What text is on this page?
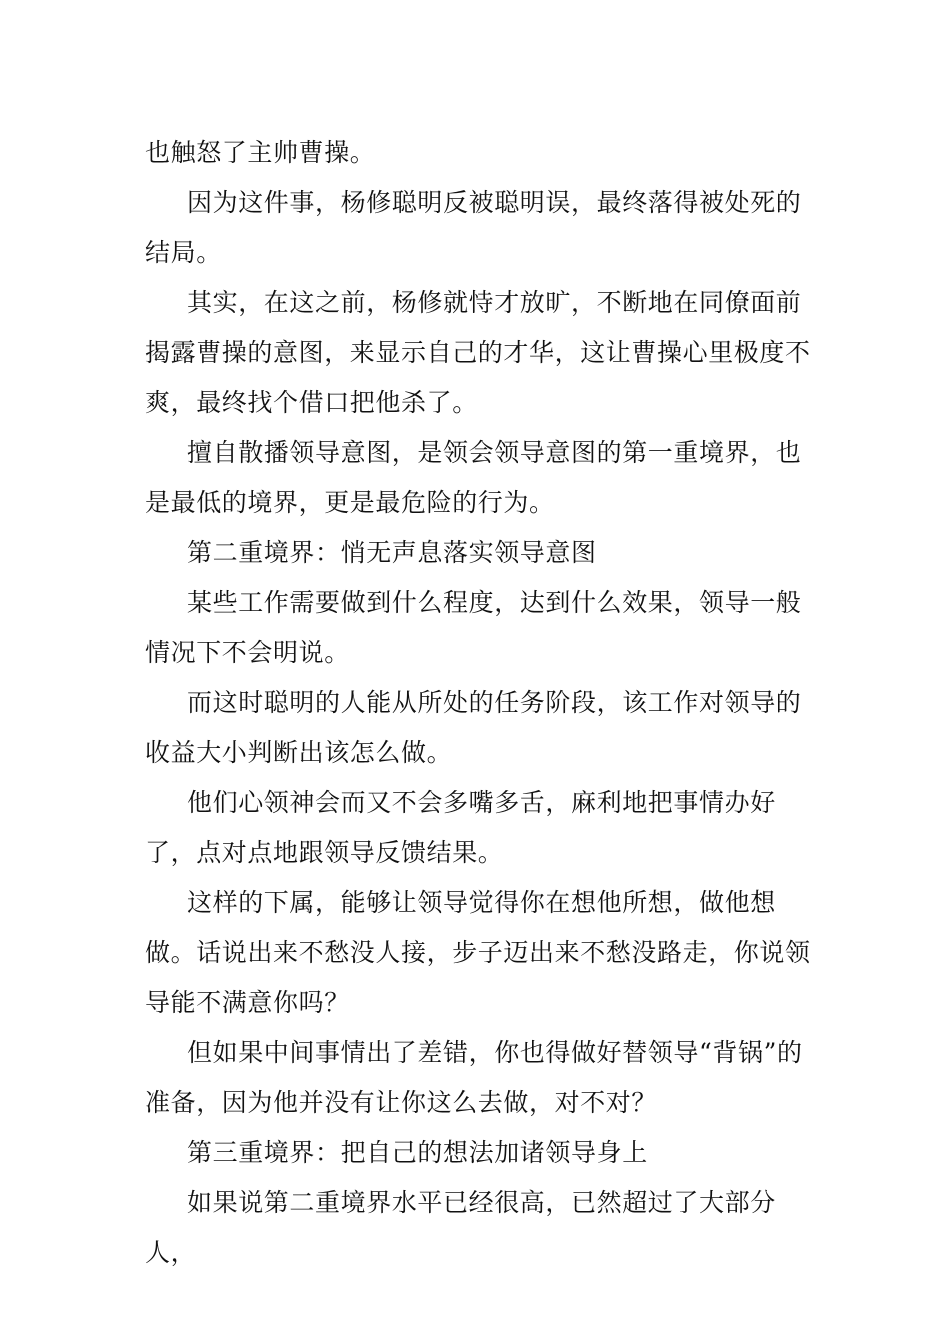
也触怒了主帅曹操。

因为这件事，杨修聪明反被聪明误，最终落得被处死的结局。

其实，在这之前，杨修就恃才放旷，不断地在同僚面前揭露曹操的意图，来显示自己的才华，这让曹操心里极度不爽，最终找个借口把他杀了。

擅自散播领导意图，是领会领导意图的第一重境界，也是最低的境界，更是最危险的行为。

第二重境界：悄无声息落实领导意图

某些工作需要做到什么程度，达到什么效果，领导一般情况下不会明说。

而这时聪明的人能从所处的任务阶段，该工作对领导的收益大小判断出该怎么做。

他们心领神会而又不会多嘴多舌，麻利地把事情办好了，点对点地跟领导反馈结果。

这样的下属，能够让领导觉得你在想他所想，做他想做。话说出来不愁没人接，步子迈出来不愁没路走，你说领导能不满意你吗？

但如果中间事情出了差错，你也得做好替领导“背锅”的准备，因为他并没有让你这么去做，对不对？

第三重境界：把自己的想法加诸领导身上

如果说第二重境界水平已经很高，已然超过了大部分人，
